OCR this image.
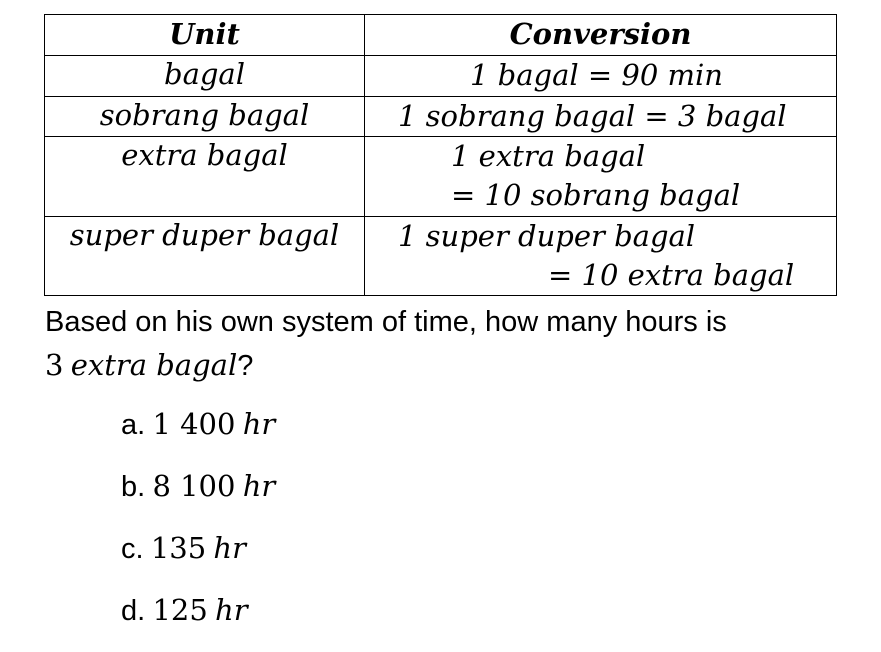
Unit	Conversion
bagal	1 bagal = 90 min

sobrang bagal	1 sobrang bagal = 3 bagal

extra bagal	1 extra bagal
= 10 sobrang bagal

super duper bagal	1 super duper bagal
= 10 extra bagal
Based on his own system of time, how many hours is
3 extra bagal?
a. 1 400 hr
b. 8 100 hr
c. 135 hr
d. 125 hr
